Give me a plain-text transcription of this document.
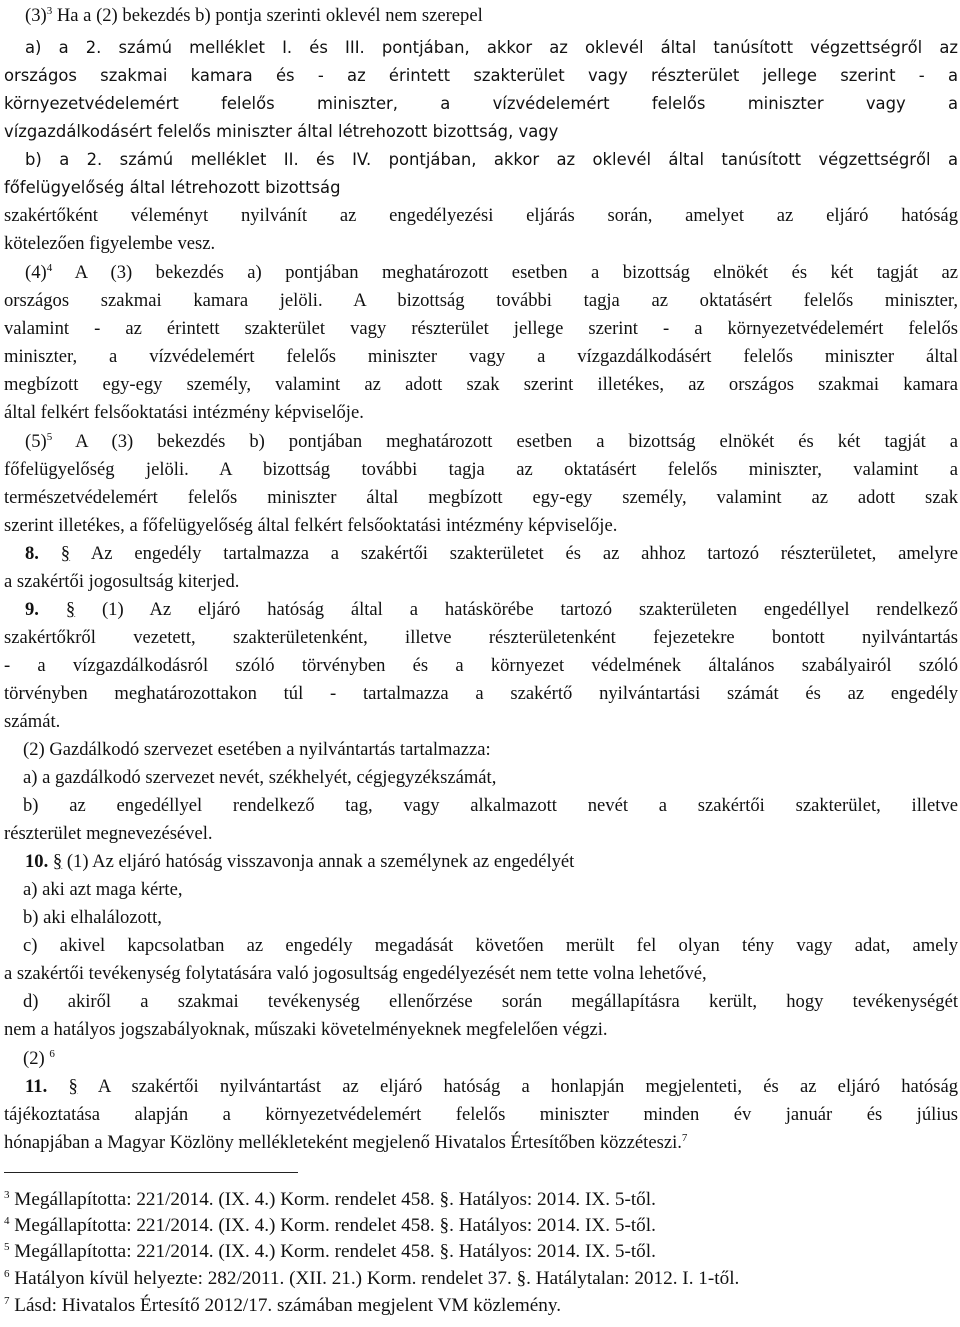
$(3)^3$ Ha a (2) bekezdés b) pontja szerinti oklevél nem szerepel
a) a 2. számú melléklet I. és III. pontjában, akkor az oklevél által tanúsított végzettségről az
országos szakmai kamara és - az érintett szakterület vagy részterület jellege szerint - a
környezetvédelemért felelős miniszter, a vízvédelemért felelős miniszter vagy a
vízgazdálkodásért felelős miniszter által létrehozott bizottság, vagy
b) a 2. számú melléklet II. és IV. pontjában, akkor az oklevél által tanúsított végzettségről a
főfelügyelőség által létrehozott bizottság
szakértőként véleményt nyilvánít az engedélyezési eljárás során, amelyet az eljáró hatóság
kötelezően figyelembe vesz.
$(4)^4$ A (3) bekezdés a) pontjában meghatározott esetben a bizottság elnökét és két tagját az
országos szakmai kamara jelöli. A bizottság további tagja az oktatásért felelős miniszter,
valamint - az érintett szakterület vagy részterület jellege szerint - a környezetvédelemért felelős
miniszter, a vízvédelemért felelős miniszter vagy a vízgazdálkodásért felelős miniszter által
megbízott egy-egy személy, valamint az adott szak szerint illetékes, az országos szakmai kamara
által felkért felsőoktatási intézmény képviselője.
$(5)^5$ A (3) bekezdés b) pontjában meghatározott esetben a bizottság elnökét és két tagját a
főfelügyelőség jelöli. A bizottság további tagja az oktatásért felelős miniszter, valamint a
természetvédelemért felelős miniszter által megbízott egy-egy személy, valamint az adott szak
szerint illetékes, a főfelügyelőség által felkért felsőoktatási intézmény képviselője.
8. § Az engedély tartalmazza a szakértői szakterületet és az ahhoz tartozó részterületet, amelyre
a szakértői jogosultság kiterjed.
9. § (1) Az eljáró hatóság által a hatáskörébe tartozó szakterületen engedéllyel rendelkező
szakértőkről vezetett, szakterületenként, illetve részterületenként fejezetekre bontott nyilvántartás
- a vízgazdálkodásról szóló törvényben és a környezet védelmének általános szabályairól szóló
törvényben meghatározottakon túl - tartalmazza a szakértő nyilvántartási számát és az engedély
számát.
(2) Gazdálkodó szervezet esetében a nyilvántartás tartalmazza:
a) a gazdálkodó szervezet nevét, székhelyét, cégjegyzékszámát,
b) az engedéllyel rendelkező tag, vagy alkalmazott nevét a szakértői szakterület, illetve
részterület megnevezésével.
10. § (1) Az eljáró hatóság visszavonja annak a személynek az engedélyét
a) aki azt maga kérte,
b) aki elhalálozott,
c) akivel kapcsolatban az engedély megadását követően merült fel olyan tény vagy adat, amely
a szakértői tevékenység folytatására való jogosultság engedélyezését nem tette volna lehetővé,
d) akiről a szakmai tevékenység ellenőrzése során megállapításra került, hogy tevékenységét
nem a hatályos jogszabályoknak, műszaki követelményeknek megfelelően végzi.
(2) $^6$
11. § A szakértői nyilvántartást az eljáró hatóság a honlapján megjelenteti, és az eljáró hatóság
tájékoztatása alapján a környezetvédelemért felelős miniszter minden év január és július
hónapjában a Magyar Közlöny mellékleteként megjelenő Hivatalos Értesítőben közzéteszi.$^7$
$^3$ Megállapította: 221/2014. (IX. 4.) Korm. rendelet 458. §. Hatályos: 2014. IX. 5-től.
$^4$ Megállapította: 221/2014. (IX. 4.) Korm. rendelet 458. §. Hatályos: 2014. IX. 5-től.
$^5$ Megállapította: 221/2014. (IX. 4.) Korm. rendelet 458. §. Hatályos: 2014. IX. 5-től.
$^6$ Hatályon kívül helyezte: 282/2011. (XII. 21.) Korm. rendelet 37. §. Hatálytalan: 2012. I. 1-től.
$^7$ Lásd: Hivatalos Értesítő 2012/17. számában megjelent VM közlemény.
